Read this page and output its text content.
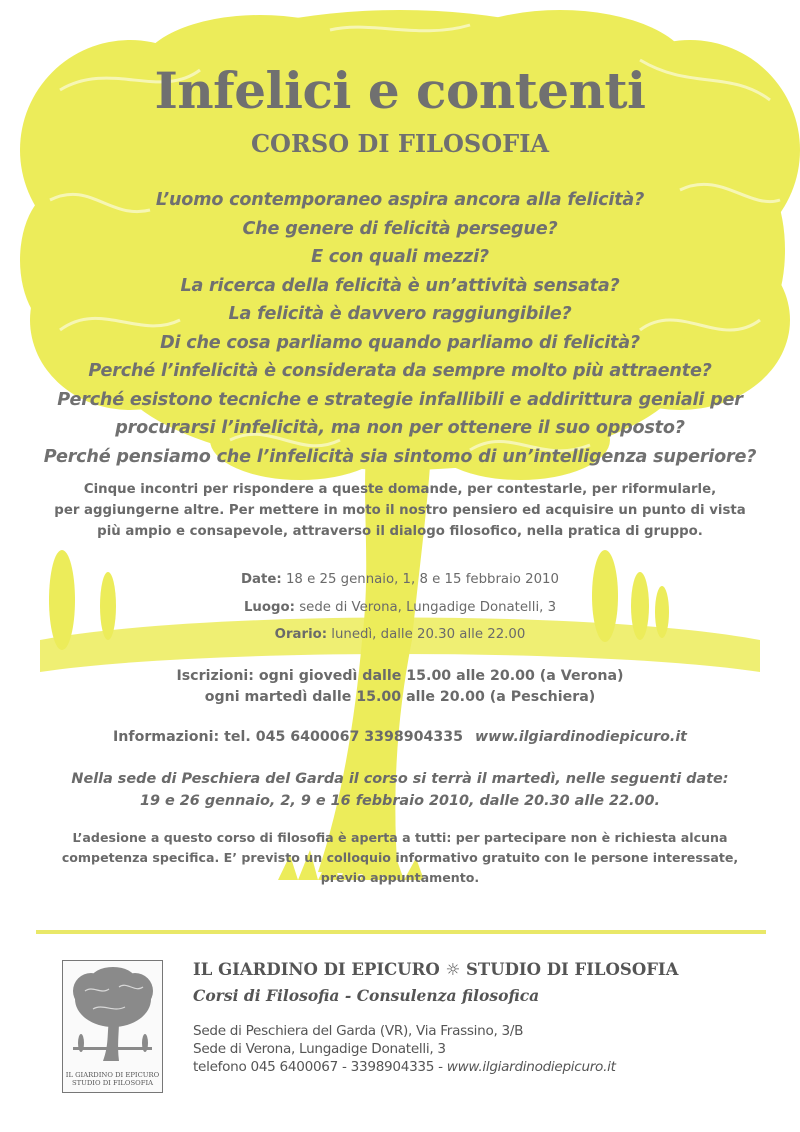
Infelici e contenti
CORSO DI FILOSOFIA
L’uomo contemporaneo aspira ancora alla felicità?
Che genere di felicità persegue?
E con quali mezzi?
La ricerca della felicità è un’attività sensata?
La felicità è davvero raggiungibile?
Di che cosa parliamo quando parliamo di felicità?
Perché l’infelicità è considerata da sempre molto più attraente?
Perché esistono tecniche e strategie infallibili e addirittura geniali per
procurarsi l’infelicità, ma non per ottenere il suo opposto?
Perché pensiamo che l’infelicità sia sintomo di un’intelligenza superiore?
Cinque incontri per rispondere a queste domande, per contestarle, per riformularle,
per aggiungerne altre. Per mettere in moto il nostro pensiero ed acquisire un punto di vista
più ampio e consapevole, attraverso il dialogo filosofico, nella pratica di gruppo.
Date: 18 e 25 gennaio, 1, 8 e 15 febbraio 2010
Luogo: sede di Verona, Lungadige Donatelli, 3
Orario: lunedì, dalle 20.30 alle 22.00
Iscrizioni: ogni giovedì dalle 15.00 alle 20.00 (a Verona)
ogni martedì dalle 15.00 alle 20.00 (a Peschiera)
Informazioni: tel. 045 6400067 3398904335 www.ilgiardinodiepicuro.it
Nella sede di Peschiera del Garda il corso si terrà il martedì, nelle seguenti date:
19 e 26 gennaio, 2, 9 e 16 febbraio 2010, dalle 20.30 alle 22.00.
L’adesione a questo corso di filosofia è aperta a tutti: per partecipare non è richiesta alcuna
competenza specifica. E’ previsto un colloquio informativo gratuito con le persone interessate,
previo appuntamento.
IL GIARDINO DI EPICURO
STUDIO DI FILOSOFIA
IL GIARDINO DI EPICURO ☼ STUDIO DI FILOSOFIA
Corsi di Filosofia - Consulenza filosofica
Sede di Peschiera del Garda (VR), Via Frassino, 3/B
Sede di Verona, Lungadige Donatelli, 3
telefono 045 6400067 - 3398904335 - www.ilgiardinodiepicuro.it
